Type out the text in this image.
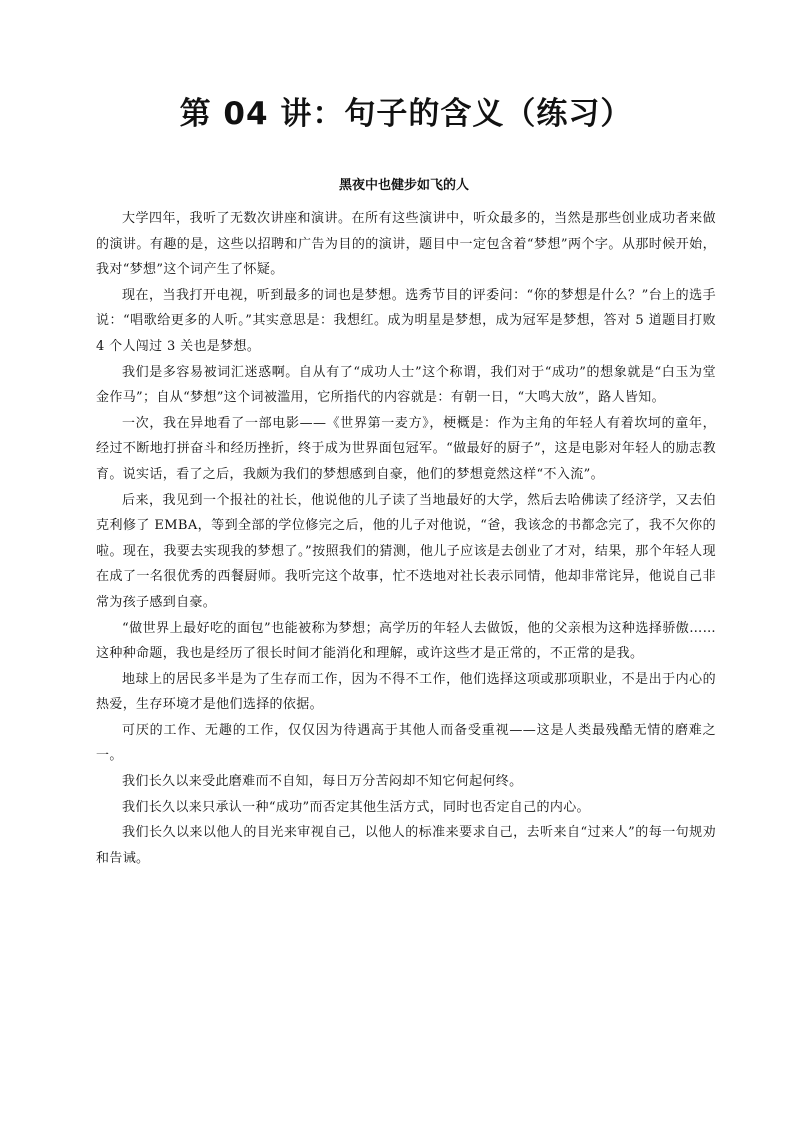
第 04 讲：句子的含义（练习）
黑夜中也健步如飞的人

大学四年，我听了无数次讲座和演讲。在所有这些演讲中，听众最多的，当然是那些创业成功者来做的演讲。有趣的是，这些以招聘和广告为目的的演讲，题目中一定包含着“梦想”两个字。从那时候开始，我对“梦想”这个词产生了怀疑。

现在，当我打开电视，听到最多的词也是梦想。选秀节目的评委问：“你的梦想是什么？”台上的选手说：“唱歌给更多的人听。”其实意思是：我想红。成为明星是梦想，成为冠军是梦想，答对 5 道题目打败 4 个人闯过 3 关也是梦想。

我们是多容易被词汇迷惑啊。自从有了“成功人士”这个称谓，我们对于“成功”的想象就是“白玉为堂金作马”；自从“梦想”这个词被滥用，它所指代的内容就是：有朝一日，“大鸣大放”，路人皆知。

一次，我在异地看了一部电影——《世界第一麦方》，梗概是：作为主角的年轻人有着坎坷的童年，经过不断地打拼奋斗和经历挫折，终于成为世界面包冠军。“做最好的厨子”，这是电影对年轻人的励志教育。说实话，看了之后，我颇为我们的梦想感到自豪，他们的梦想竟然这样“不入流”。

后来，我见到一个报社的社长，他说他的儿子读了当地最好的大学，然后去哈佛读了经济学，又去伯克利修了 EMBA，等到全部的学位修完之后，他的儿子对他说，“爸，我该念的书都念完了，我不欠你的啦。现在，我要去实现我的梦想了。”按照我们的猜测，他儿子应该是去创业了才对，结果，那个年轻人现在成了一名很优秀的西餐厨师。我听完这个故事，忙不迭地对社长表示同情，他却非常诧异，他说自己非常为孩子感到自豪。

“做世界上最好吃的面包”也能被称为梦想；高学历的年轻人去做饭，他的父亲根为这种选择骄傲……这种种命题，我也是经历了很长时间才能消化和理解，或许这些才是正常的，不正常的是我。

地球上的居民多半是为了生存而工作，因为不得不工作，他们选择这项或那项职业，不是出于内心的热爱，生存环境才是他们选择的依据。

可厌的工作、无趣的工作，仅仅因为待遇高于其他人而备受重视——这是人类最残酷无情的磨难之一。

我们长久以来受此磨难而不自知，每日万分苦闷却不知它何起何终。

我们长久以来只承认一种“成功”而否定其他生活方式，同时也否定自己的内心。

我们长久以来以他人的目光来审视自己，以他人的标准来要求自己，去听来自“过来人”的每一句规劝和告诫。
